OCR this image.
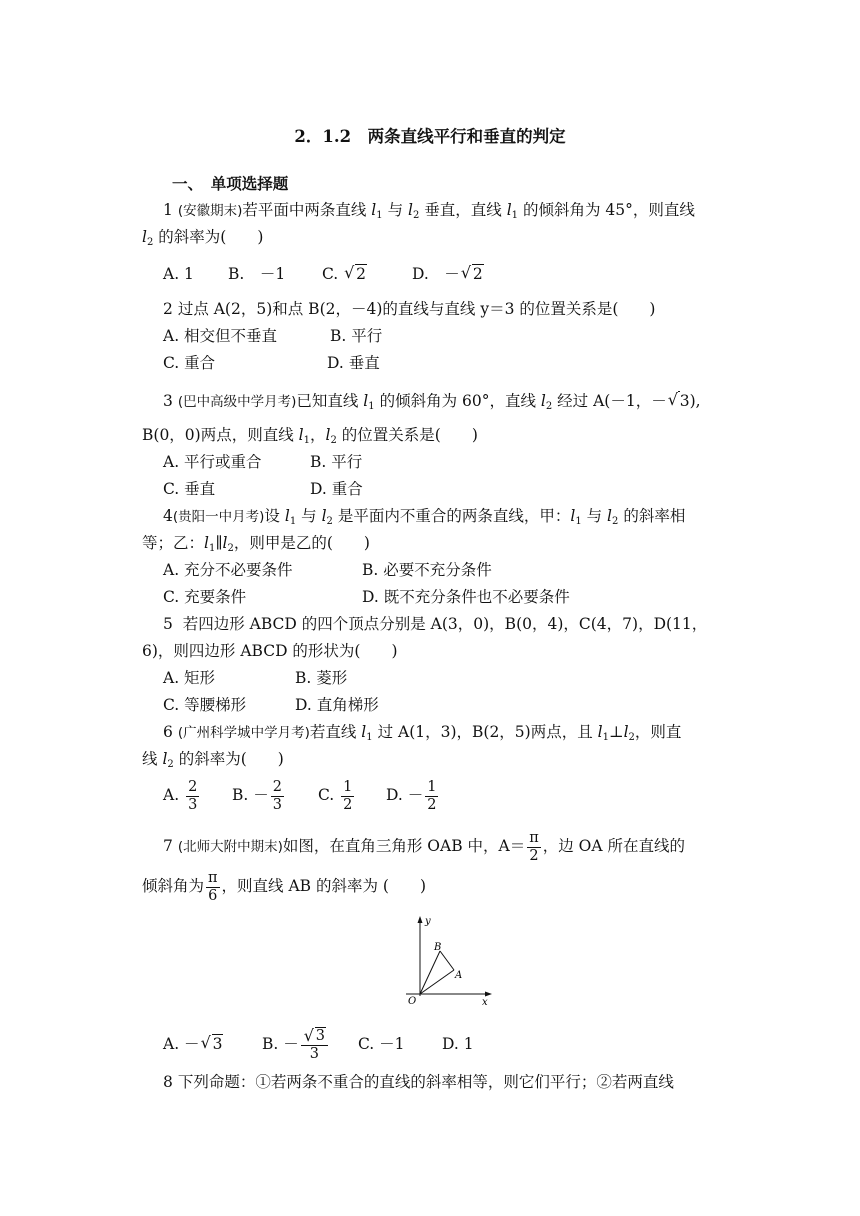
2．1.2　两条直线平行和垂直的判定
一、　单项选择题
1 (安徽期末)若平面中两条直线 $l_1$ 与 $l_2$ 垂直，直线 $l_1$ 的倾斜角为 45°，则直线
$l_2$ 的斜率为(　　)
A. 1 B.　－1 C. √ 2	D.　－ √ 2
2 过点 A(2，5)和点 B(2，－4)的直线与直线 y＝3 的位置关系是(　　)
A. 相交但不垂直	B. 平行
C. 重合	D. 垂直
3 (巴中高级中学月考)已知直线 $l_1$ 的倾斜角为 60°，直线 $l_2$ 经过 A(－1，－ √ 3),
B(0，0)两点，则直线 $l_1$，$l_2$ 的位置关系是(　　)
A. 平行或重合	B. 平行
C. 垂直	D. 重合
4(贵阳一中月考)设 $l_1$ 与 $l_2$ 是平面内不重合的两条直线，甲：$l_1$ 与 $l_2$ 的斜率相
等；乙：$l_1\parallel l_2$，则甲是乙的(　　)
A. 充分不必要条件	B. 必要不充分条件
C. 充要条件	D. 既不充分条件也不必要条件
5 若四边形 ABCD 的四个顶点分别是 A(3，0)，B(0，4)，C(4，7)，D(11，
6)，则四边形 ABCD 的形状为(　　)
A. 矩形	B. 菱形
C. 等腰梯形	D. 直角梯形
6 (广州科学城中学月考)若直线 $l_1$ 过 A(1，3)，B(2，5)两点，且 $l_1\perp l_2$，则直
线 $l_2$ 的斜率为(　　)
A. $\frac{2}{3} B$. － $\frac{2}{3} C$. $\frac{1}{2} D$. － $\frac{1}{2}$
7 (北师大附中期末)如图，在直角三角形 OAB 中，$A= \frac{\pi}{2}$ ，边 OA 所在直线的
倾斜角为 $\frac{\pi}{6}$ ，则直线 AB 的斜率为 (　　)
y
x
O
A
B
A. － √ 3	B. － √ $\frac{3}{3} C$. －1 D. 1
8 下列命题：①若两条不重合的直线的斜率相等，则它们平行；②若两直线
